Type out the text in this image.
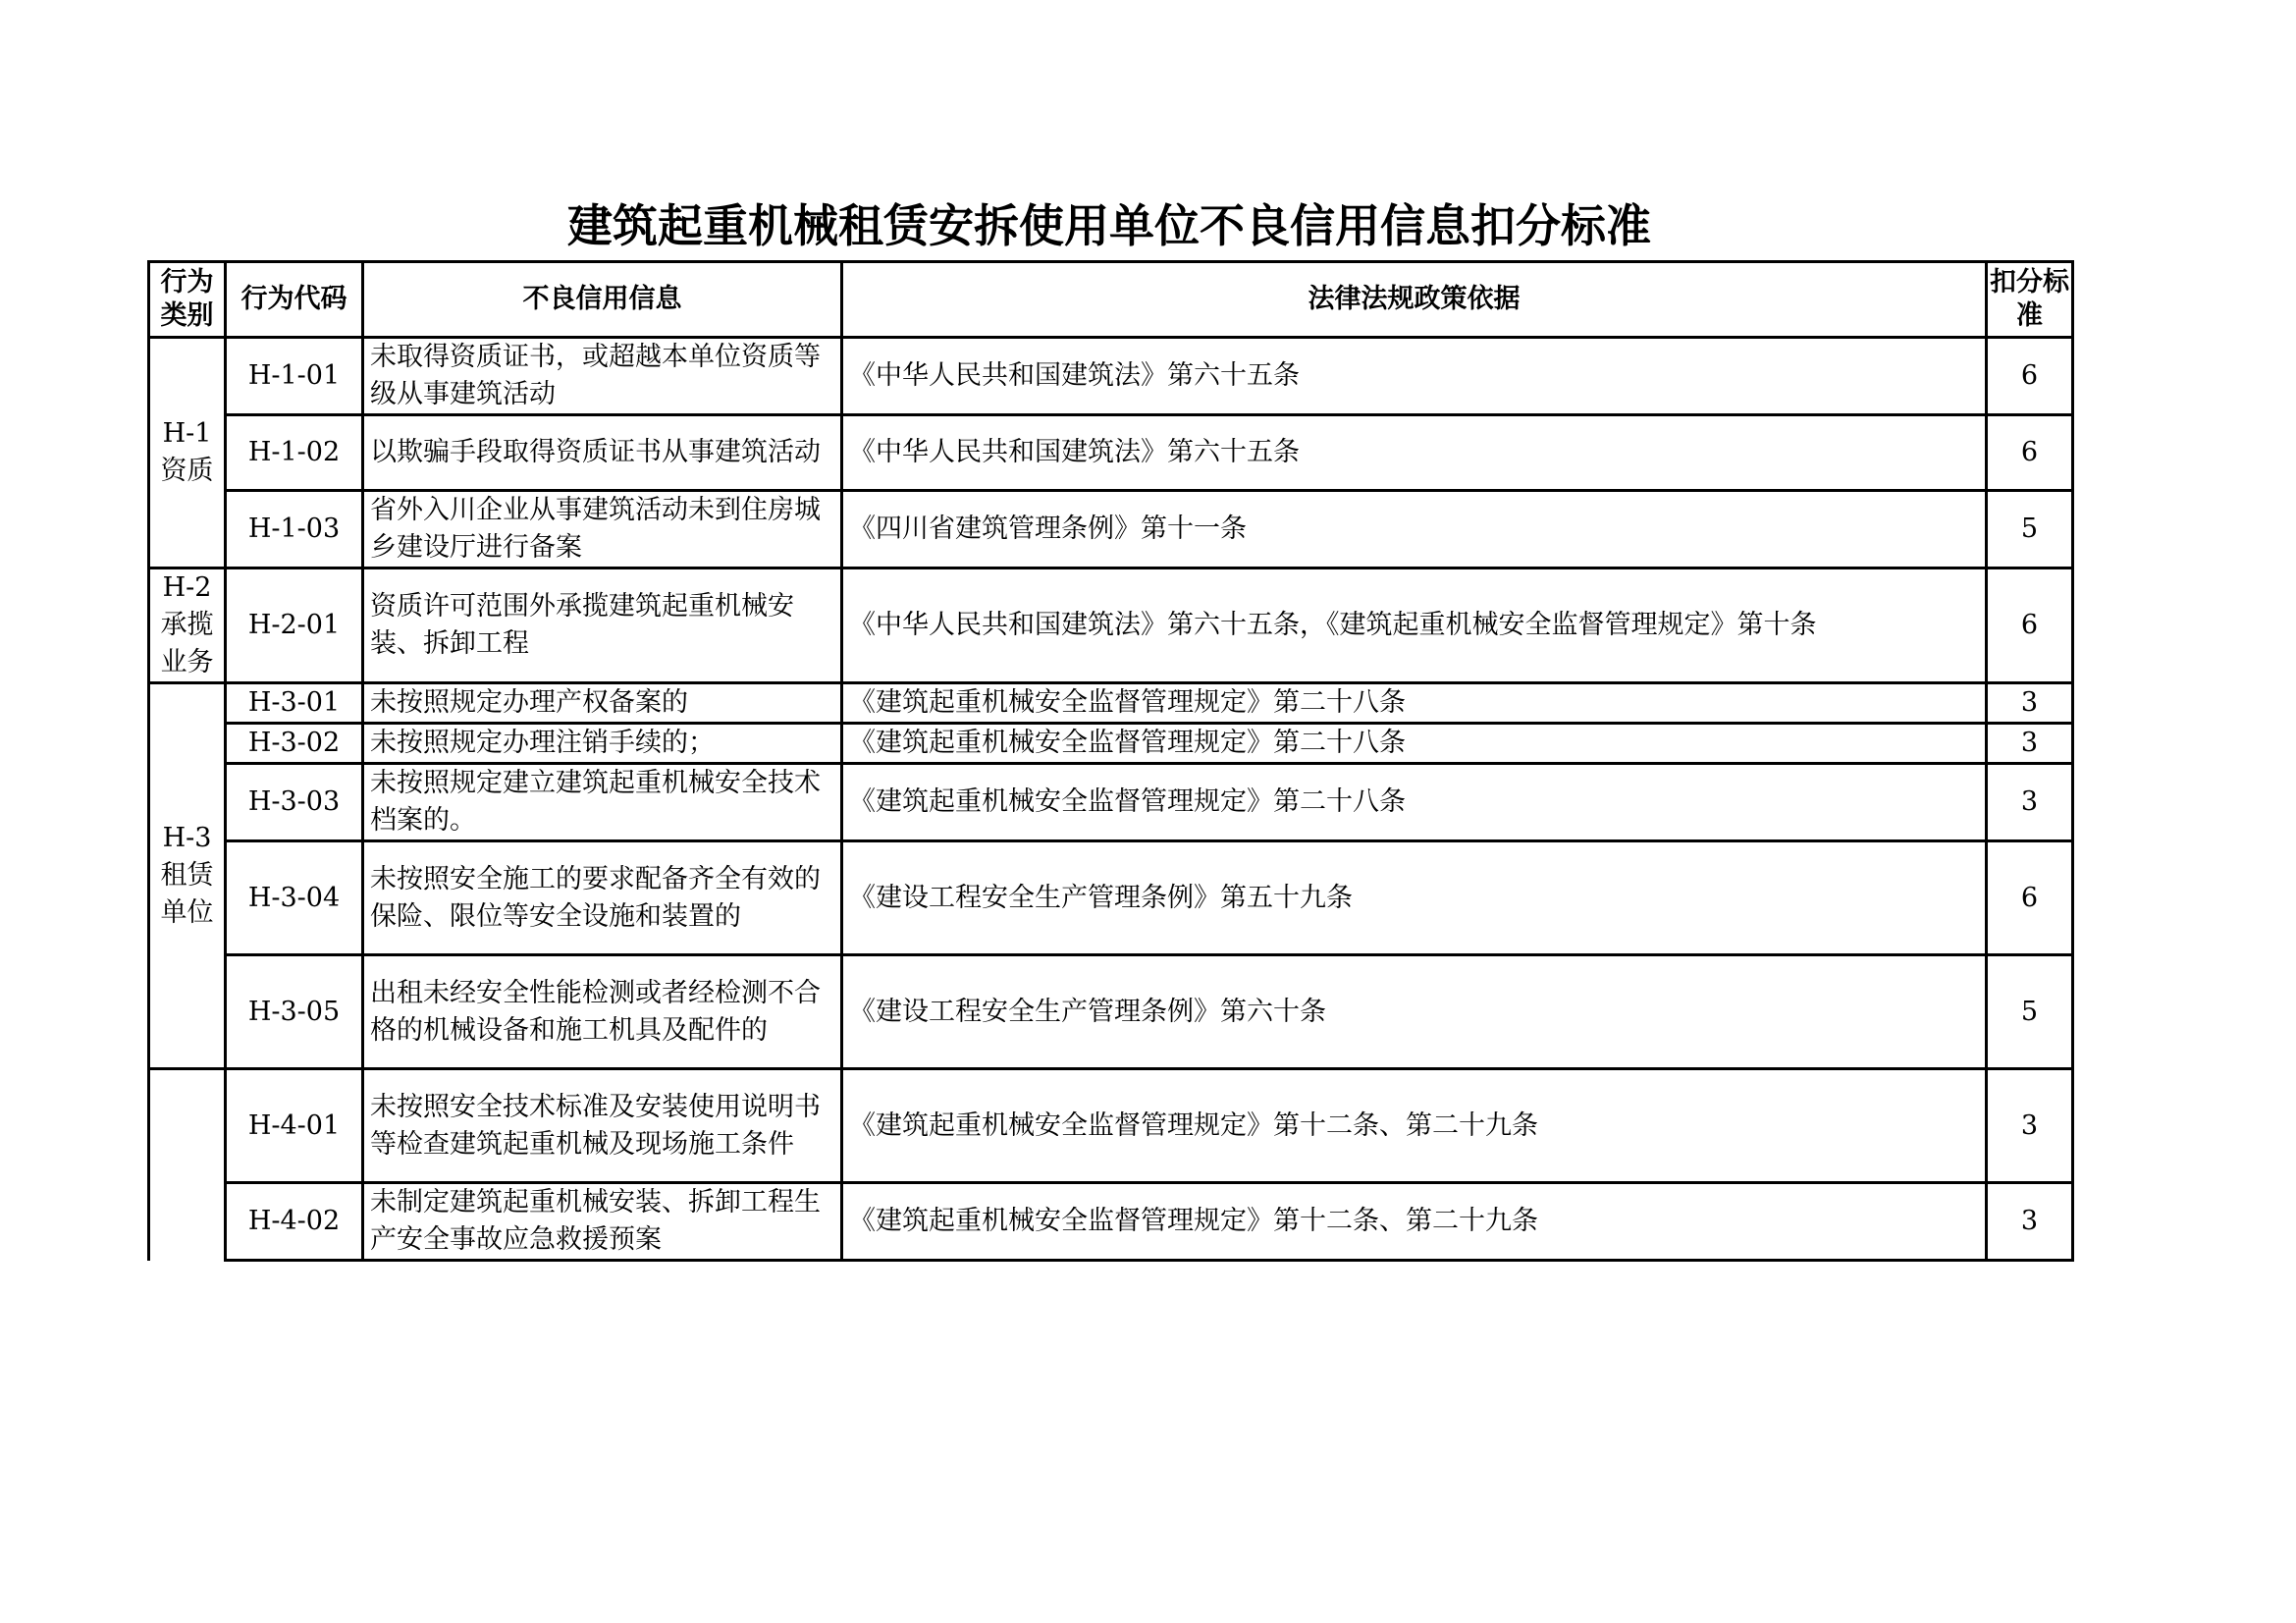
建筑起重机械租赁安拆使用单位不良信用信息扣分标准
行为类别	行为代码	不良信用信息	法律法规政策依据	扣分标准
H-1 资质	H-1-01	未取得资质证书，或超越本单位资质等级从事建筑活动	《中华人民共和国建筑法》第六十五条	6
	H-1-02	以欺骗手段取得资质证书从事建筑活动	《中华人民共和国建筑法》第六十五条	6
	H-1-03	省外入川企业从事建筑活动未到住房城乡建设厅进行备案	《四川省建筑管理条例》第十一条	5
H-2 承揽业务	H-2-01	资质许可范围外承揽建筑起重机械安装、拆卸工程	《中华人民共和国建筑法》第六十五条，《建筑起重机械安全监督管理规定》第十条	6
H-3 租赁单位	H-3-01	未按照规定办理产权备案的	《建筑起重机械安全监督管理规定》第二十八条	3
	H-3-02	未按照规定办理注销手续的；	《建筑起重机械安全监督管理规定》第二十八条	3
	H-3-03	未按照规定建立建筑起重机械安全技术档案的。	《建筑起重机械安全监督管理规定》第二十八条	3
	H-3-04	未按照安全施工的要求配备齐全有效的保险、限位等安全设施和装置的	《建设工程安全生产管理条例》第五十九条	6
	H-3-05	出租未经安全性能检测或者经检测不合格的机械设备和施工机具及配件的	《建设工程安全生产管理条例》第六十条	5
	H-4-01	未按照安全技术标准及安装使用说明书等检查建筑起重机械及现场施工条件	《建筑起重机械安全监督管理规定》第十二条、第二十九条	3
	H-4-02	未制定建筑起重机械安装、拆卸工程生产安全事故应急救援预案	《建筑起重机械安全监督管理规定》第十二条、第二十九条	3
